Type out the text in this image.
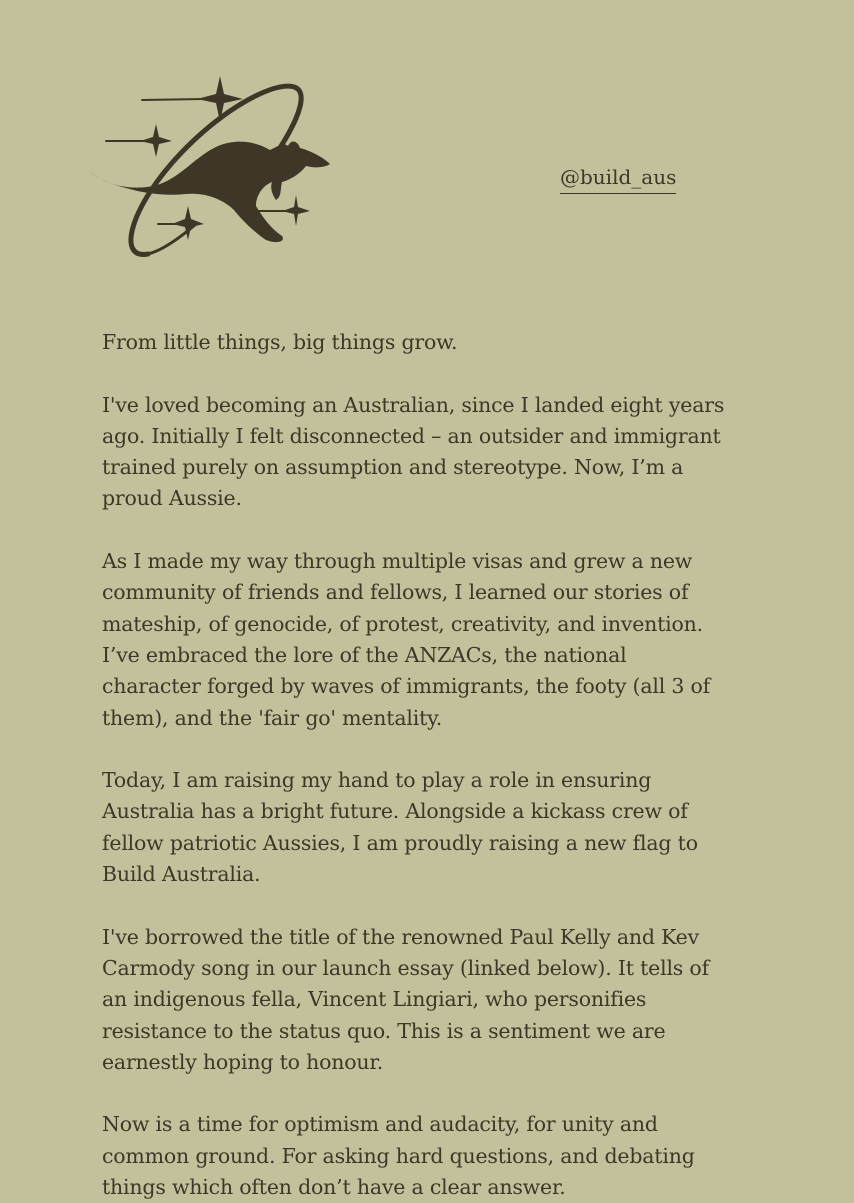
@build_aus

From little things, big things grow.

I've loved becoming an Australian, since I landed eight years
ago. Initially I felt disconnected – an outsider and immigrant
trained purely on assumption and stereotype. Now, I’m a
proud Aussie.

As I made my way through multiple visas and grew a new
community of friends and fellows, I learned our stories of
mateship, of genocide, of protest, creativity, and invention.
I’ve embraced the lore of the ANZACs, the national
character forged by waves of immigrants, the footy (all 3 of
them), and the 'fair go' mentality.

Today, I am raising my hand to play a role in ensuring
Australia has a bright future. Alongside a kickass crew of
fellow patriotic Aussies, I am proudly raising a new flag to
Build Australia.

I've borrowed the title of the renowned Paul Kelly and Kev
Carmody song in our launch essay (linked below). It tells of
an indigenous fella, Vincent Lingiari, who personifies
resistance to the status quo. This is a sentiment we are
earnestly hoping to honour.

Now is a time for optimism and audacity, for unity and
common ground. For asking hard questions, and debating
things which often don’t have a clear answer.
